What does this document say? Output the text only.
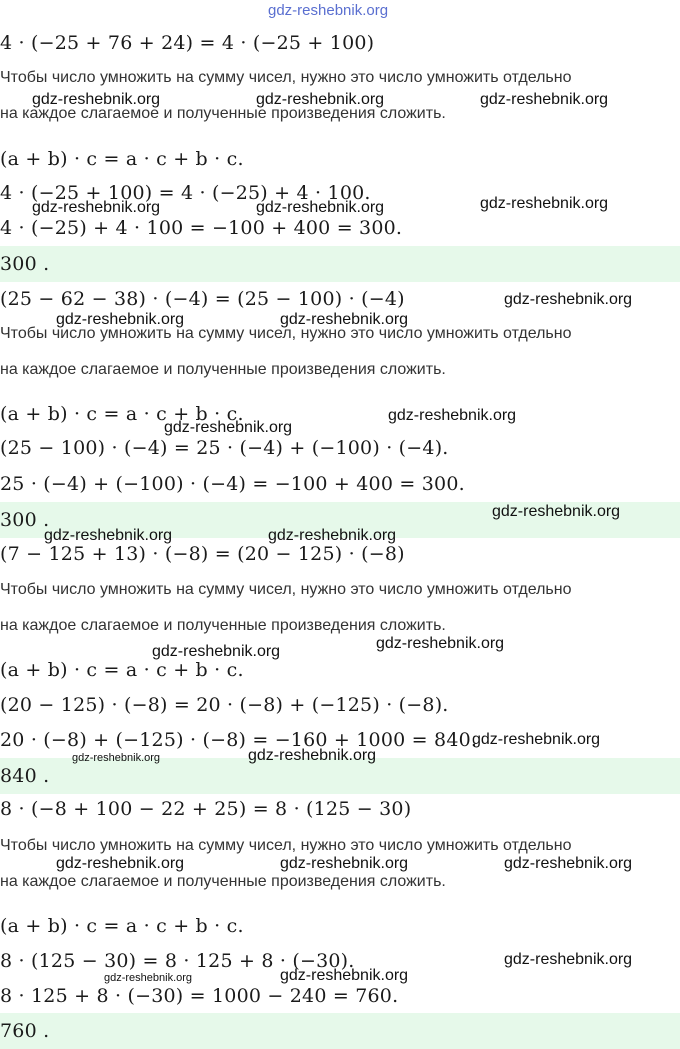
4 · (−25 + 76 + 24) = 4 · (−25 + 100)
Чтобы число умножить на сумму чисел, нужно это число умножить отдельно
на каждое слагаемое и полученные произведения сложить.
(a + b) · c = a · c + b · c.
4 · (−25 + 100) = 4 · (−25) + 4 · 100.
4 · (−25) + 4 · 100 = −100 + 400 = 300.
300 .
(25 − 62 − 38) · (−4) = (25 − 100) · (−4)
Чтобы число умножить на сумму чисел, нужно это число умножить отдельно
на каждое слагаемое и полученные произведения сложить.
(a + b) · c = a · c + b · c.
(25 − 100) · (−4) = 25 · (−4) + (−100) · (−4).
25 · (−4) + (−100) · (−4) = −100 + 400 = 300.
300 .
(7 − 125 + 13) · (−8) = (20 − 125) · (−8)
Чтобы число умножить на сумму чисел, нужно это число умножить отдельно
на каждое слагаемое и полученные произведения сложить.
(a + b) · c = a · c + b · c.
(20 − 125) · (−8) = 20 · (−8) + (−125) · (−8).
20 · (−8) + (−125) · (−8) = −160 + 1000 = 840.
840 .
8 · (−8 + 100 − 22 + 25) = 8 · (125 − 30)
Чтобы число умножить на сумму чисел, нужно это число умножить отдельно
на каждое слагаемое и полученные произведения сложить.
(a + b) · c = a · c + b · c.
8 · (125 − 30) = 8 · 125 + 8 · (−30).
8 · 125 + 8 · (−30) = 1000 − 240 = 760.
760 .
gdz-reshebnik.org
gdz-reshebnik.org	gdz-reshebnik.org	gdz-reshebnik.org
gdz-reshebnik.org	gdz-reshebnik.org	gdz-reshebnik.org
gdz-reshebnik.org
gdz-reshebnik.org	gdz-reshebnik.org
gdz-reshebnik.org
gdz-reshebnik.org
gdz-reshebnik.org
gdz-reshebnik.org	gdz-reshebnik.org
gdz-reshebnik.org
gdz-reshebnik.org
gdz-reshebnik.org
gdz-reshebnik.org
gdz-reshebnik.org
gdz-reshebnik.org	gdz-reshebnik.org	gdz-reshebnik.org
gdz-reshebnik.org
gdz-reshebnik.org
gdz-reshebnik.org
